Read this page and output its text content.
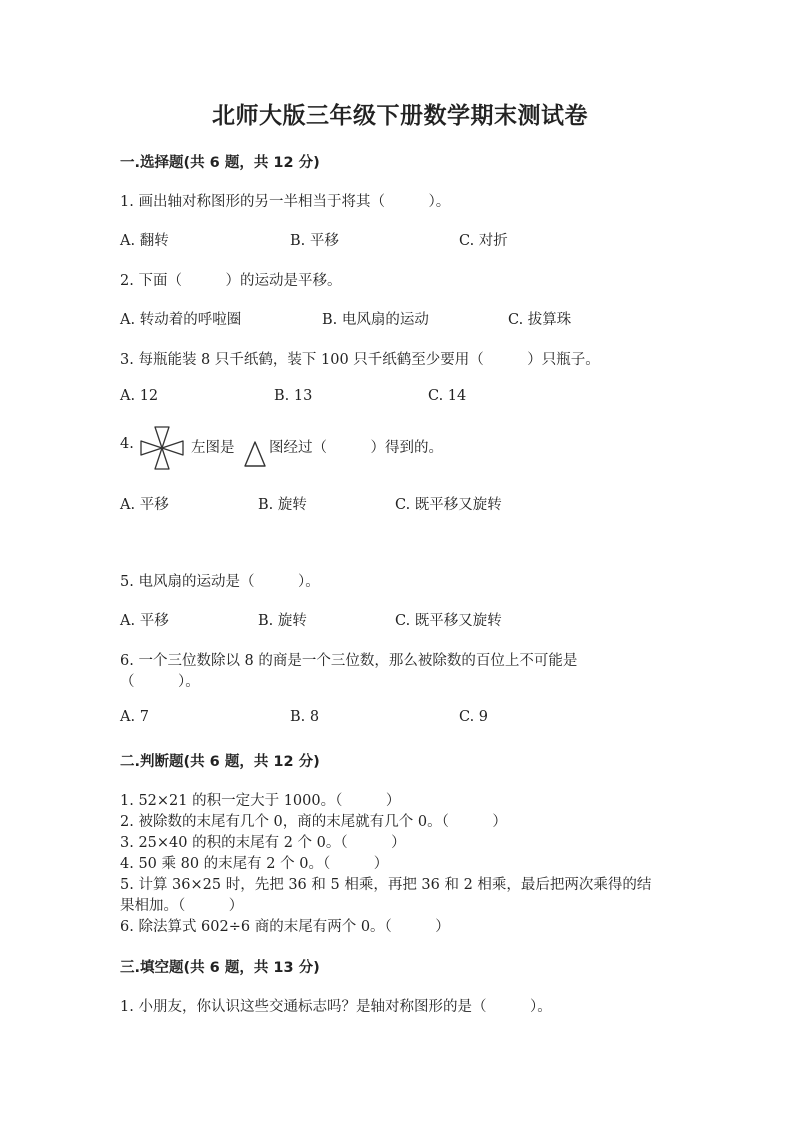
北师大版三年级下册数学期末测试卷
一.选择题(共 6 题，共 12 分)
1. 画出轴对称图形的另一半相当于将其（　　　）。
A. 翻转	B. 平移	C. 对折
2. 下面（　　　）的运动是平移。
A. 转动着的呼啦圈	B. 电风扇的运动	C. 拔算珠
3. 每瓶能装 8 只千纸鹤，装下 100 只千纸鹤至少要用（　　　）只瓶子。
A. 12	B. 13	C. 14
4.	左图是 图经过（　　　）得到的。
A. 平移	B. 旋转	C. 既平移又旋转
5. 电风扇的运动是（　　　）。
A. 平移	B. 旋转	C. 既平移又旋转
6. 一个三位数除以 8 的商是一个三位数，那么被除数的百位上不可能是
（　　　）。
A. 7	B. 8	C. 9
二.判断题(共 6 题，共 12 分)
1. 52×21 的积一定大于 1000。（　　　）
2. 被除数的末尾有几个 0，商的末尾就有几个 0。（　　　）
3. 25×40 的积的末尾有 2 个 0。（　　　）
4. 50 乘 80 的末尾有 2 个 0。（　　　）
5. 计算 36×25 时，先把 36 和 5 相乘，再把 36 和 2 相乘，最后把两次乘得的结
果相加。（　　　）
6. 除法算式 602÷6 商的末尾有两个 0。（　　　）
三.填空题(共 6 题，共 13 分)
1. 小朋友，你认识这些交通标志吗？是轴对称图形的是（　　　）。
